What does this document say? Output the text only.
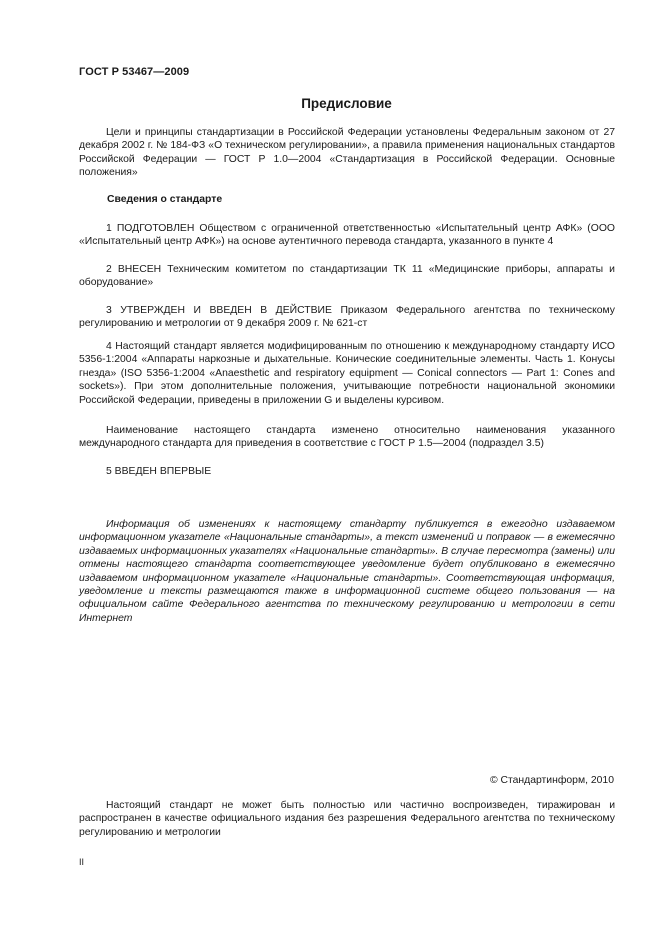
ГОСТ Р 53467—2009
Предисловие

Цели и принципы стандартизации в Российской Федерации установлены Федеральным законом от 27 декабря 2002 г. № 184-ФЗ «О техническом регулировании», а правила применения национальных стандартов Российской Федерации — ГОСТ Р 1.0—2004 «Стандартизация в Российской Федерации. Основные положения»

Сведения о стандарте

1 ПОДГОТОВЛЕН Обществом с ограниченной ответственностью «Испытательный центр АФК» (ООО «Испытательный центр АФК») на основе аутентичного перевода стандарта, указанного в пункте 4

2 ВНЕСЕН Техническим комитетом по стандартизации ТК 11 «Медицинские приборы, аппараты и оборудование»

3 УТВЕРЖДЕН И ВВЕДЕН В ДЕЙСТВИЕ Приказом Федерального агентства по техническому регулированию и метрологии от 9 декабря 2009 г. № 621-ст

4 Настоящий стандарт является модифицированным по отношению к международному стандарту ИСО 5356-1:2004 «Аппараты наркозные и дыхательные. Конические соединительные элементы. Часть 1. Конусы гнезда» (ISO 5356-1:2004 «Anaesthetic and respiratory equipment — Conical connectors — Part 1: Cones and sockets»). При этом дополнительные положения, учитывающие потребности национальной экономики Российской Федерации, приведены в приложении G и выделены курсивом.

Наименование настоящего стандарта изменено относительно наименования указанного международного стандарта для приведения в соответствие с ГОСТ Р 1.5—2004 (подраздел 3.5)

5 ВВЕДЕН ВПЕРВЫЕ

Информация об изменениях к настоящему стандарту публикуется в ежегодно издаваемом информационном указателе «Национальные стандарты», а текст изменений и поправок — в ежемесячно издаваемых информационных указателях «Национальные стандарты». В случае пересмотра (замены) или отмены настоящего стандарта соответствующее уведомление будет опубликовано в ежемесячно издаваемом информационном указателе «Национальные стандарты». Соответствующая информация, уведомление и тексты размещаются также в информационной системе общего пользования — на официальном сайте Федерального агентства по техническому регулированию и метрологии в сети Интернет

© Стандартинформ, 2010

Настоящий стандарт не может быть полностью или частично воспроизведен, тиражирован и распространен в качестве официального издания без разрешения Федерального агентства по техническому регулированию и метрологии

II
